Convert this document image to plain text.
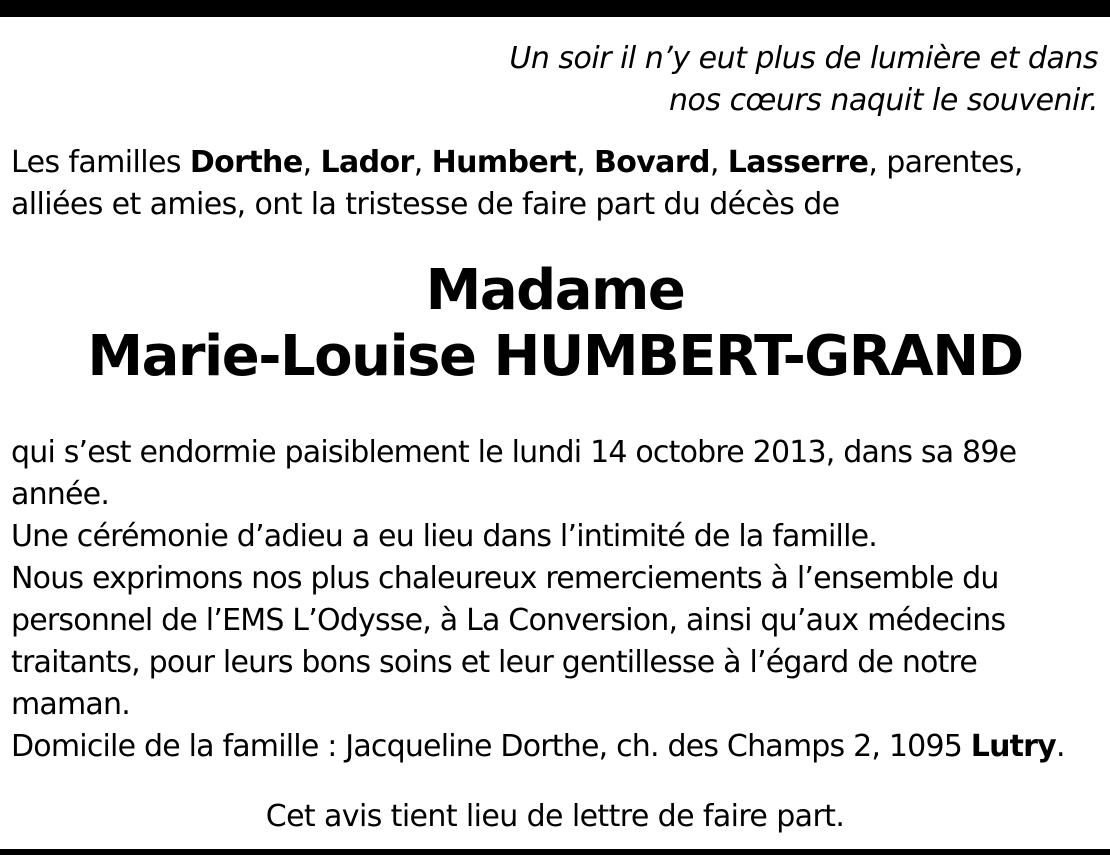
Un soir il n’y eut plus de lumière et dans
nos cœurs naquit le souvenir.
Les familles Dorthe, Lador, Humbert, Bovard, Lasserre, parentes, alliées et amies, ont la tristesse de faire part du décès de
Madame
Marie-Louise HUMBERT-GRAND

qui s’est endormie paisiblement le lundi 14 octobre 2013, dans sa 89e année.

Une cérémonie d’adieu a eu lieu dans l’intimité de la famille.

Nous exprimons nos plus chaleureux remerciements à l’ensemble du personnel de l’EMS L’Odysse, à La Conversion, ainsi qu’aux médecins traitants, pour leurs bons soins et leur gentillesse à l’égard de notre maman.

Domicile de la famille : Jacqueline Dorthe, ch. des Champs 2, 1095 Lutry.

Cet avis tient lieu de lettre de faire part.
